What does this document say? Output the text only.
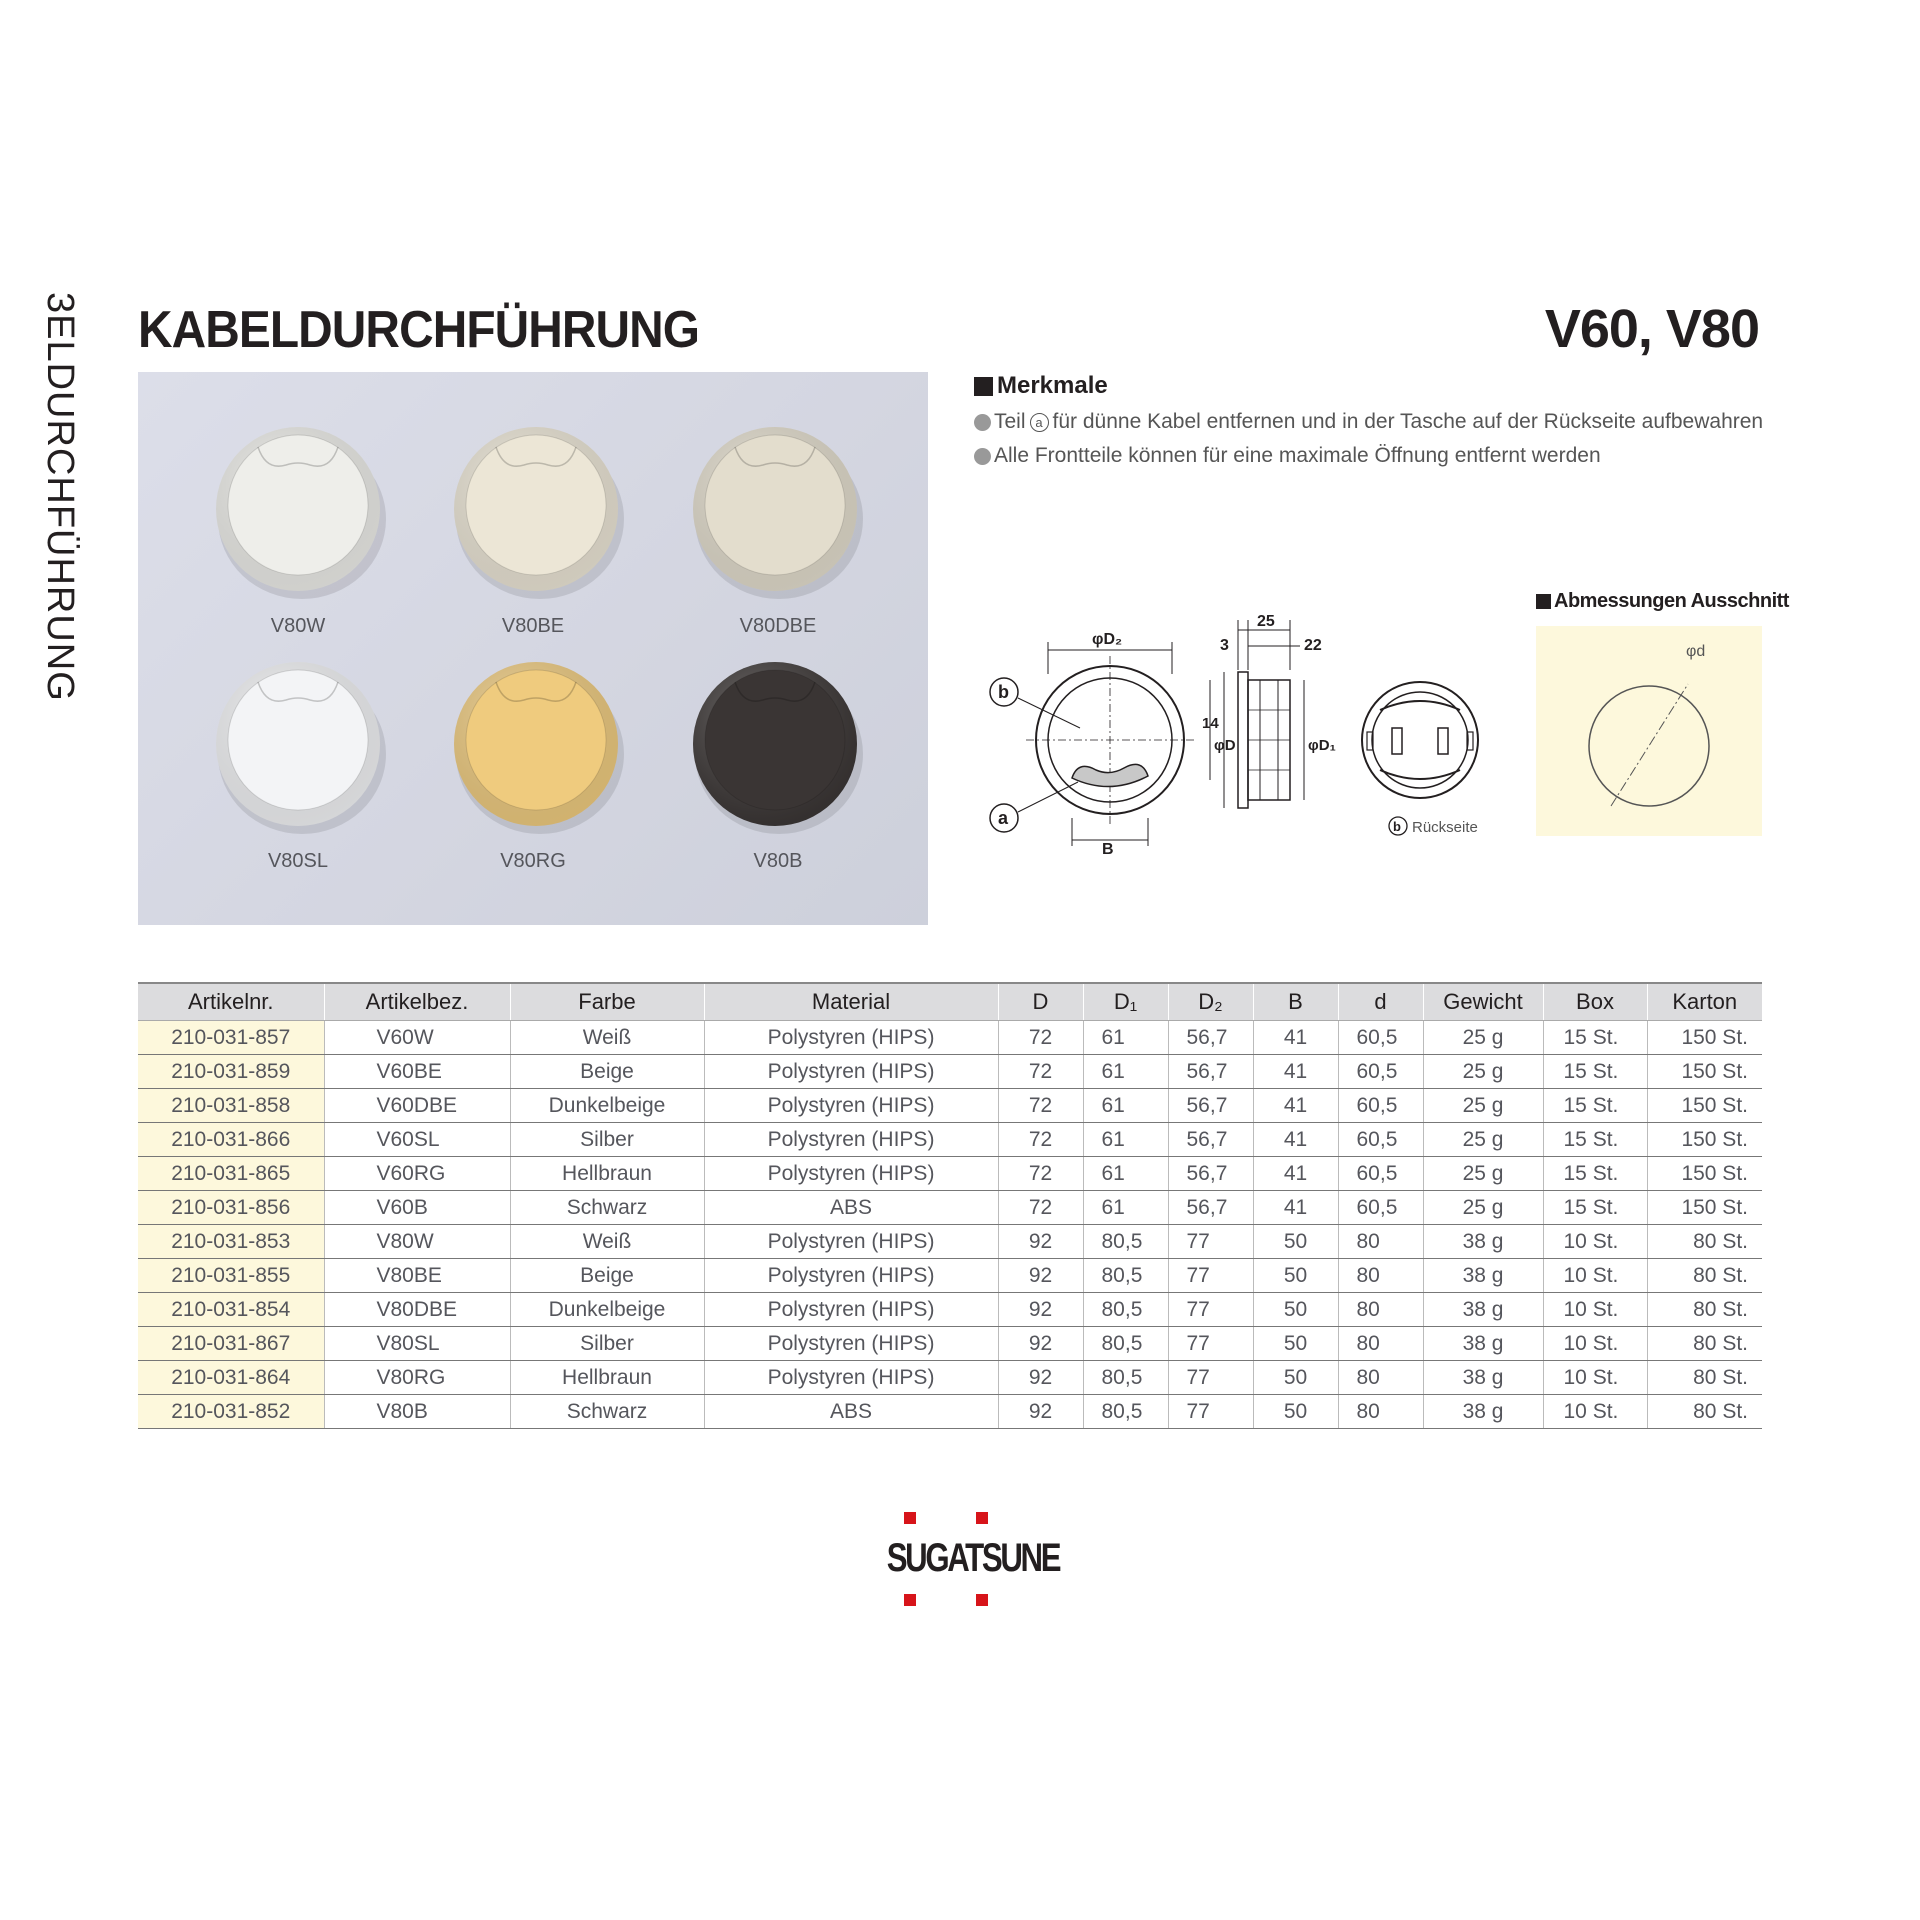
3ELDURCHFÜHRUNG KABELDURCHFÜHRUNG	V60, V80
V80W	V80BE	V80DBE
V80SL	V80RG	V80B
Merkmale
Teil a für dünne Kabel entfernen und in der Tasche auf der Rückseite aufbewahren
Alle Frontteile können für eine maximale Öffnung entfernt werden
b
a
φD₂
B
14
φD	φD₁
3
25
22
b Rückseite
Abmessungen Ausschnitt
φd
Artikelnr.	Artikelbez.	Farbe	Material	D	D₁	D₂	B	d	Gewicht	Box	Karton
210-031-857	V60W	Weiß	Polystyren (HIPS)	72	61	56,7	41	60,5	25 g	15 St.	150 St.
210-031-859	V60BE	Beige	Polystyren (HIPS)	72	61	56,7	41	60,5	25 g	15 St.	150 St.
210-031-858	V60DBE	Dunkelbeige	Polystyren (HIPS)	72	61	56,7	41	60,5	25 g	15 St.	150 St.
210-031-866	V60SL	Silber	Polystyren (HIPS)	72	61	56,7	41	60,5	25 g	15 St.	150 St.
210-031-865	V60RG	Hellbraun	Polystyren (HIPS)	72	61	56,7	41	60,5	25 g	15 St.	150 St.
210-031-856	V60B	Schwarz	ABS	72	61	56,7	41	60,5	25 g	15 St.	150 St.
210-031-853	V80W	Weiß	Polystyren (HIPS)	92	80,5	77	50	80	38 g	10 St.	80 St.
210-031-855	V80BE	Beige	Polystyren (HIPS)	92	80,5	77	50	80	38 g	10 St.	80 St.
210-031-854	V80DBE	Dunkelbeige	Polystyren (HIPS)	92	80,5	77	50	80	38 g	10 St.	80 St.
210-031-867	V80SL	Silber	Polystyren (HIPS)	92	80,5	77	50	80	38 g	10 St.	80 St.
210-031-864	V80RG	Hellbraun	Polystyren (HIPS)	92	80,5	77	50	80	38 g	10 St.	80 St.
210-031-852	V80B	Schwarz	ABS	92	80,5	77	50	80	38 g	10 St.	80 St.
SUGATSUNE
